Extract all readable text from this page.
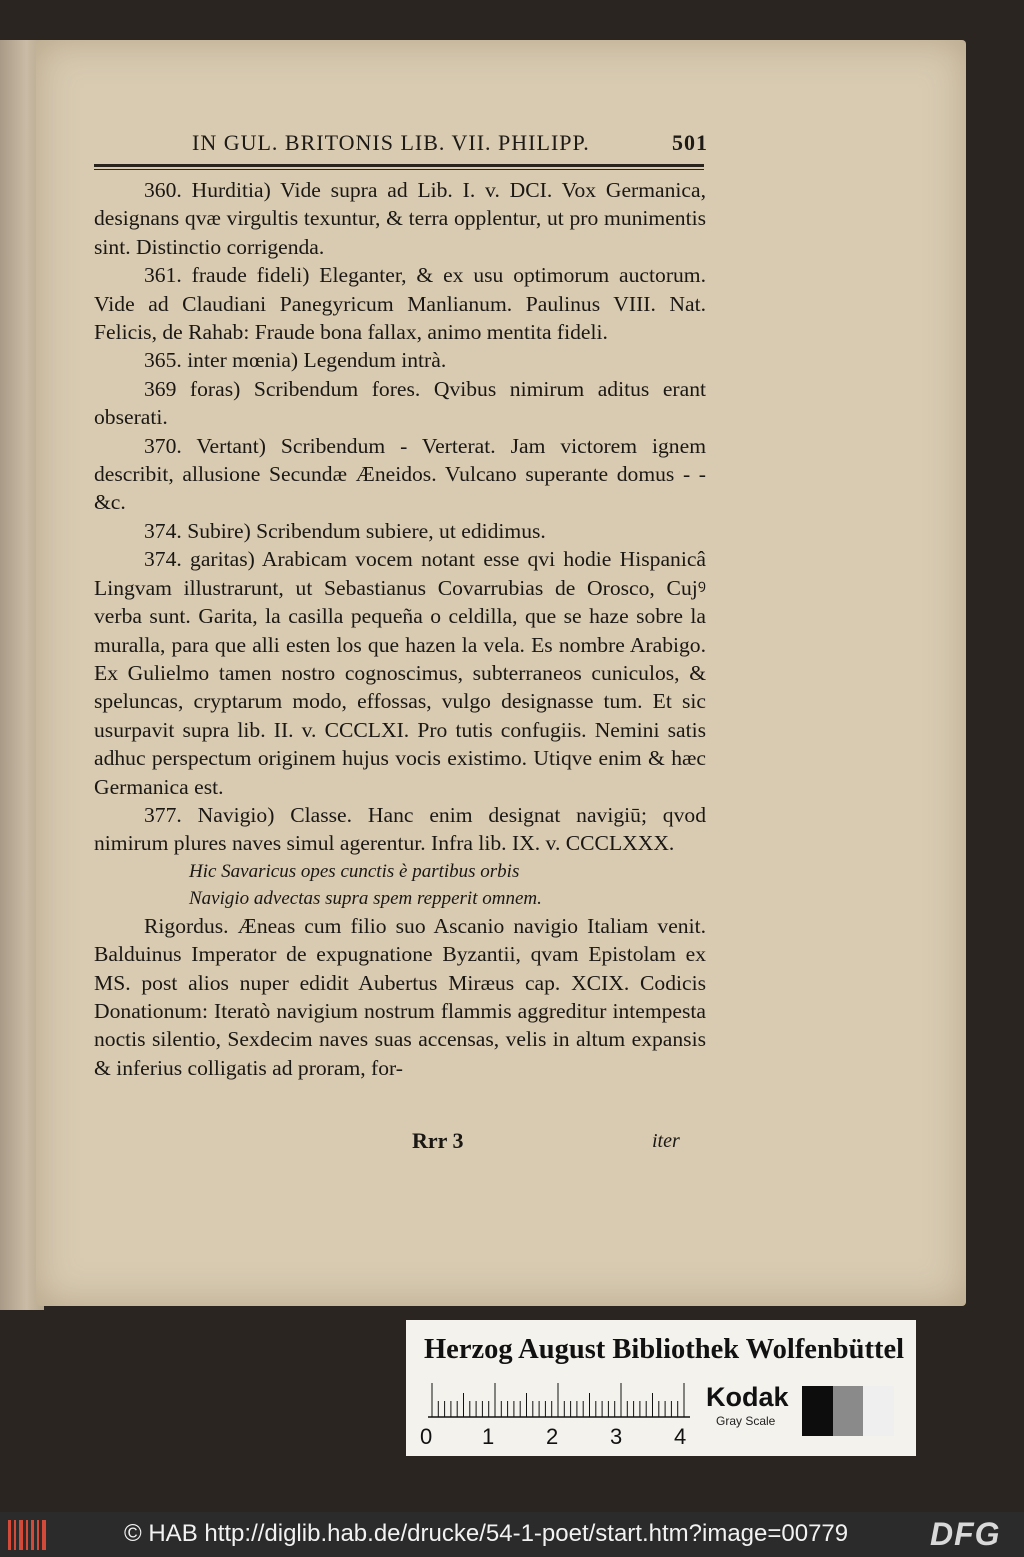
IN GUL. BRITONIS LIB. VII. PHILIPP.	501

360. Hurditia) Vide supra ad Lib. I. v. DCI. Vox Germanica, designans qvæ virgultis texuntur, & terra opplentur, ut pro munimentis sint. Distinctio corrigenda.

361. fraude fideli) Eleganter, & ex usu optimorum auctorum. Vide ad Claudiani Panegyricum Manlianum. Paulinus VIII. Nat. Felicis, de Rahab: Fraude bona fallax, animo mentita fideli.

365. inter mœnia) Legendum intrà.

369 foras) Scribendum fores. Qvibus nimirum aditus erant obserati.

370. Vertant) Scribendum - Verterat. Jam victorem ignem describit, allusione Secundæ Æneidos. Vulcano superante domus - - &c.

374. Subire) Scribendum subiere, ut edidimus.

374. garitas) Arabicam vocem notant esse qvi hodie Hispanicâ Lingvam illustrarunt, ut Sebastianus Covarrubias de Orosco, Cujꝰ verba sunt. Garita, la casilla pequeña o celdilla, que se haze sobre la muralla, para que alli esten los que hazen la vela. Es nombre Arabigo. Ex Gulielmo tamen nostro cognoscimus, subterraneos cuniculos, & speluncas, cryptarum modo, effossas, vulgo designasse tum. Et sic usurpavit supra lib. II. v. CCCLXI. Pro tutis confugiis. Nemini satis adhuc perspectum originem hujus vocis existimo. Utiqve enim & hæc Germanica est.

377. Navigio) Classe. Hanc enim designat navigiū; qvod nimirum plures naves simul agerentur. Infra lib. IX. v. CCCLXXX.

Hic Savaricus opes cunctis è partibus orbis

Navigio advectas supra spem repperit omnem.

Rigordus. Æneas cum filio suo Ascanio navigio Italiam venit. Balduinus Imperator de expugnatione Byzantii, qvam Epistolam ex MS. post alios nuper edidit Aubertus Miræus cap. XCIX. Codicis Donationum: Iteratò navigium nostrum flammis aggreditur intempesta noctis silentio, Sexdecim naves suas accensas, velis in altum expansis & inferius colligatis ad proram, for-

Rrr 3	iter
Herzog August Bibliothek Wolfenbüttel
0 1 2 3 4
Kodak
Gray Scale
© HAB http://diglib.hab.de/drucke/54-1-poet/start.htm?image=00779	DFG
